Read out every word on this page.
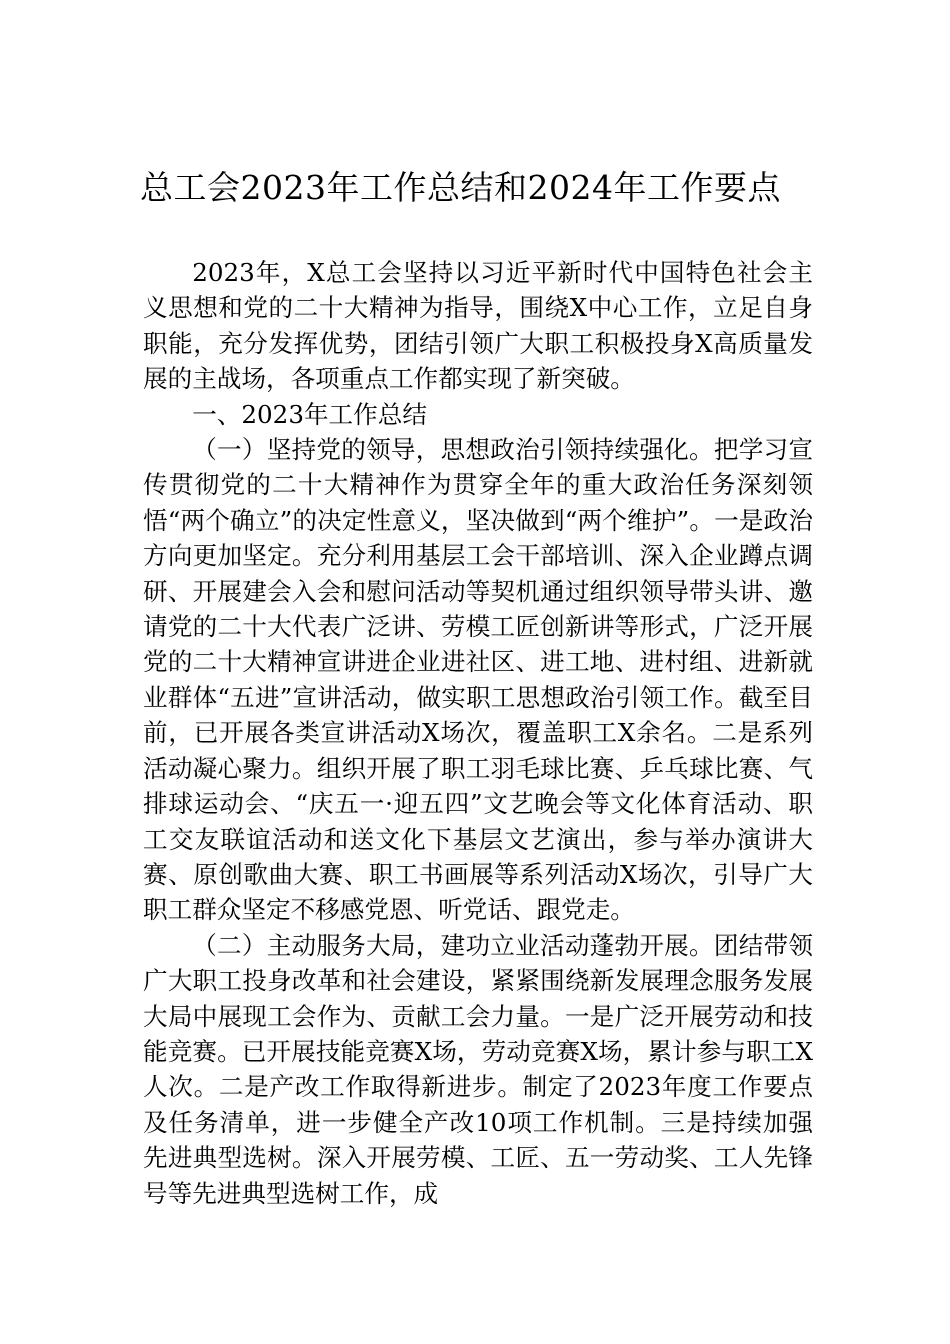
总工会2023年工作总结和2024年工作要点

2023年，X总工会坚持以习近平新时代中国特色社会主义思想和党的二十大精神为指导，围绕X中心工作，立足自身职能，充分发挥优势，团结引领广大职工积极投身X高质量发展的主战场，各项重点工作都实现了新突破。

一、2023年工作总结

（一）坚持党的领导，思想政治引领持续强化。把学习宣传贯彻党的二十大精神作为贯穿全年的重大政治任务深刻领悟“两个确立”的决定性意义，坚决做到“两个维护”。一是政治方向更加坚定。充分利用基层工会干部培训、深入企业蹲点调研、开展建会入会和慰问活动等契机通过组织领导带头讲、邀请党的二十大代表广泛讲、劳模工匠创新讲等形式，广泛开展党的二十大精神宣讲进企业进社区、进工地、进村组、进新就业群体“五进”宣讲活动，做实职工思想政治引领工作。截至目前，已开展各类宣讲活动X场次，覆盖职工X余名。二是系列活动凝心聚力。组织开展了职工羽毛球比赛、乒乓球比赛、气排球运动会、“庆五一·迎五四”文艺晚会等文化体育活动、职工交友联谊活动和送文化下基层文艺演出，参与举办演讲大赛、原创歌曲大赛、职工书画展等系列活动X场次，引导广大职工群众坚定不移感党恩、听党话、跟党走。

（二）主动服务大局，建功立业活动蓬勃开展。团结带领广大职工投身改革和社会建设，紧紧围绕新发展理念服务发展大局中展现工会作为、贡献工会力量。一是广泛开展劳动和技能竞赛。已开展技能竞赛X场，劳动竞赛X场，累计参与职工X人次。二是产改工作取得新进步。制定了2023年度工作要点及任务清单，进一步健全产改10项工作机制。三是持续加强先进典型选树。深入开展劳模、工匠、五一劳动奖、工人先锋号等先进典型选树工作，成
